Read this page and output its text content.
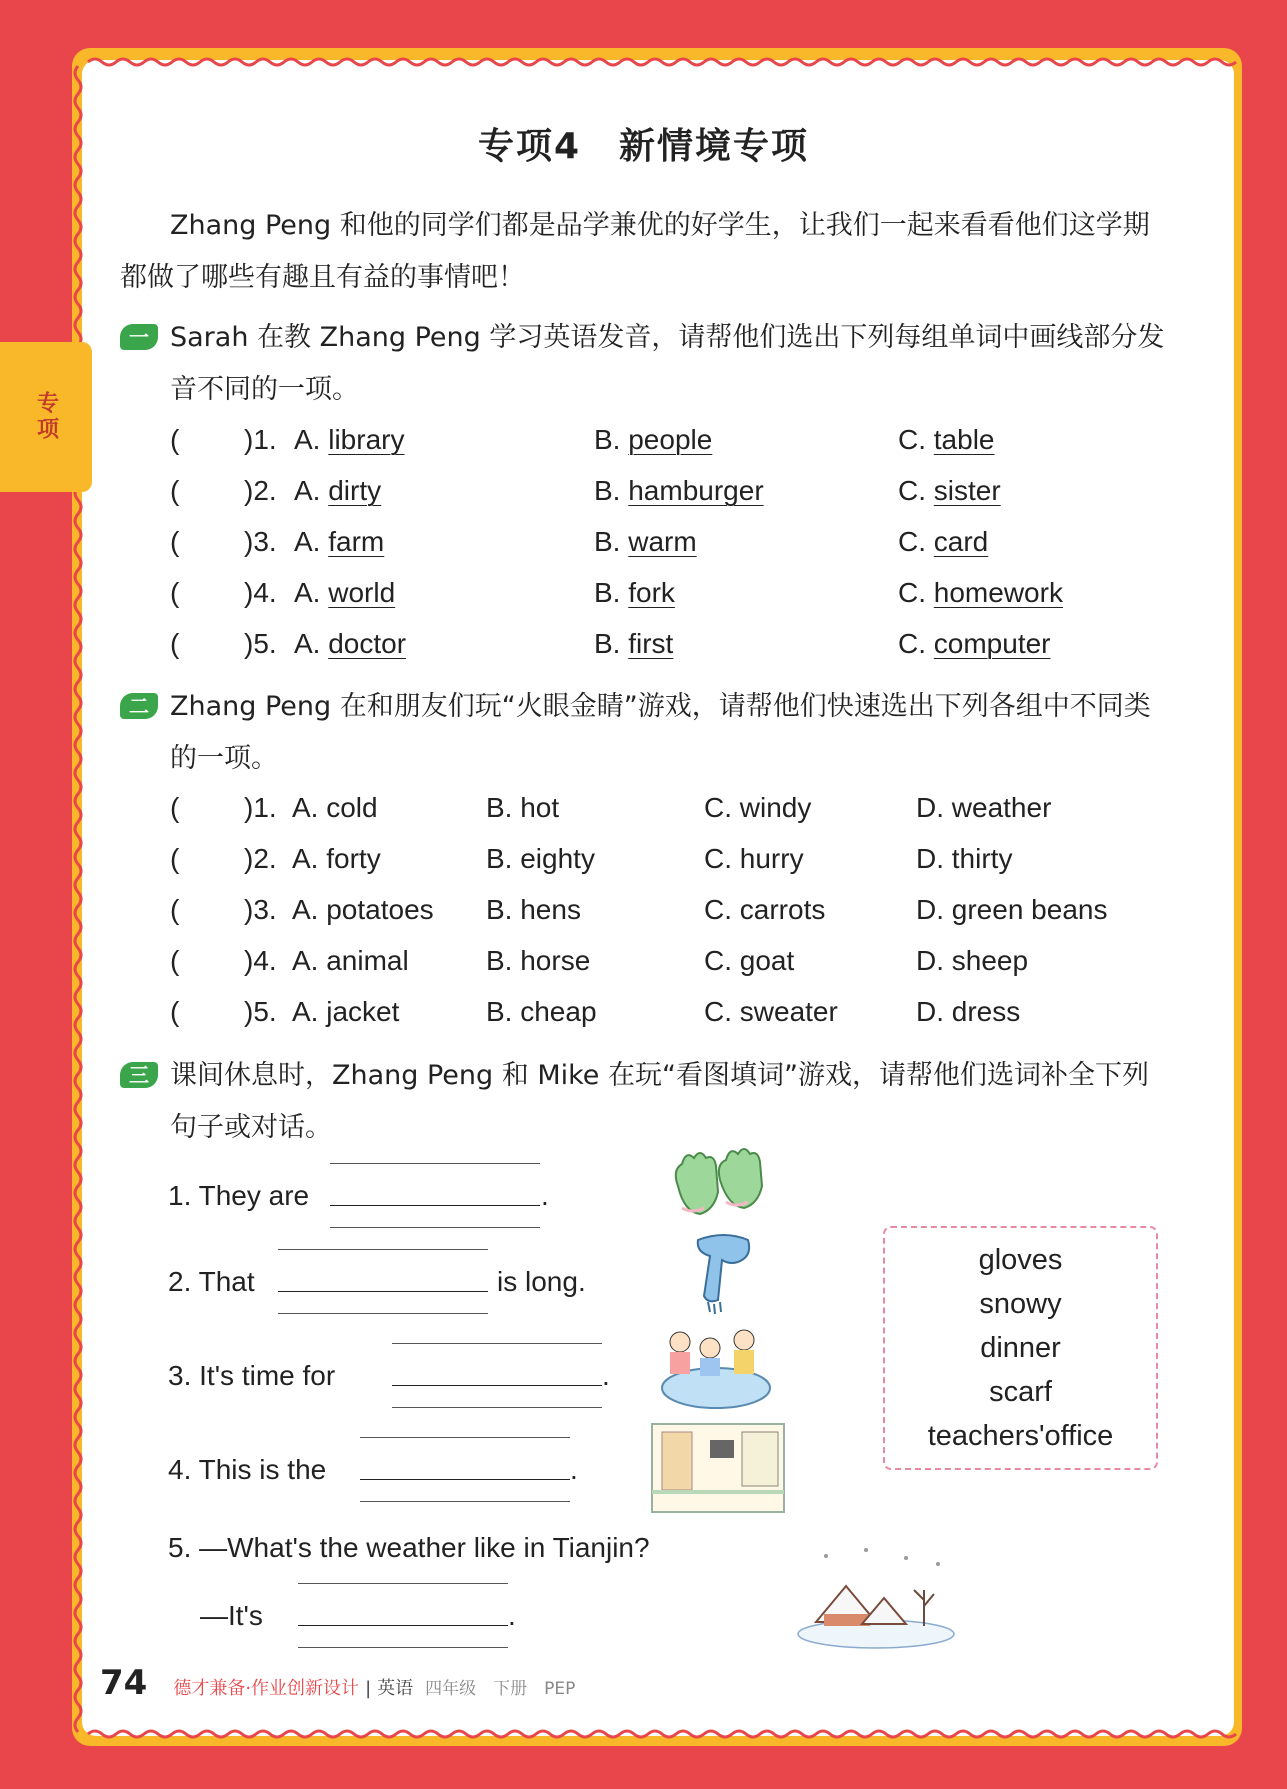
专项
专项4　新情境专项
Zhang Peng 和他的同学们都是品学兼优的好学生，让我们一起来看看他们这学期都做了哪些有趣且有益的事情吧！
一 Sarah 在教 Zhang Peng 学习英语发音，请帮他们选出下列每组单词中画线部分发音不同的一项。
( )1. A. library	B. people	C. table
( )2. A. dirty	B. hamburger	C. sister
( )3. A. farm	B. warm	C. card
( )4. A. world	B. fork	C. homework
( )5. A. doctor	B. first	C. computer
二 Zhang Peng 在和朋友们玩“火眼金睛”游戏，请帮他们快速选出下列各组中不同类的一项。
( )1. A. cold	B. hot	C. windy	D. weather
( )2. A. forty	B. eighty	C. hurry	D. thirty
( )3. A. potatoes B. hens	C. carrots	D. green beans
( )4. A. animal	B. horse	C. goat	D. sheep
( )5. A. jacket	B. cheap	C. sweater	D. dress
三 课间休息时，Zhang Peng 和 Mike 在玩“看图填词”游戏，请帮他们选词补全下列句子或对话。
1. They are	.
2. That	is long.
3. It's time for	.
4. This is the	.
5. —What's the weather like in Tianjin?
—It's	.
gloves
snowy
dinner
scarf
teachers'office
74 德才兼备·作业创新设计 | 英语 四年级　下册　PEP
